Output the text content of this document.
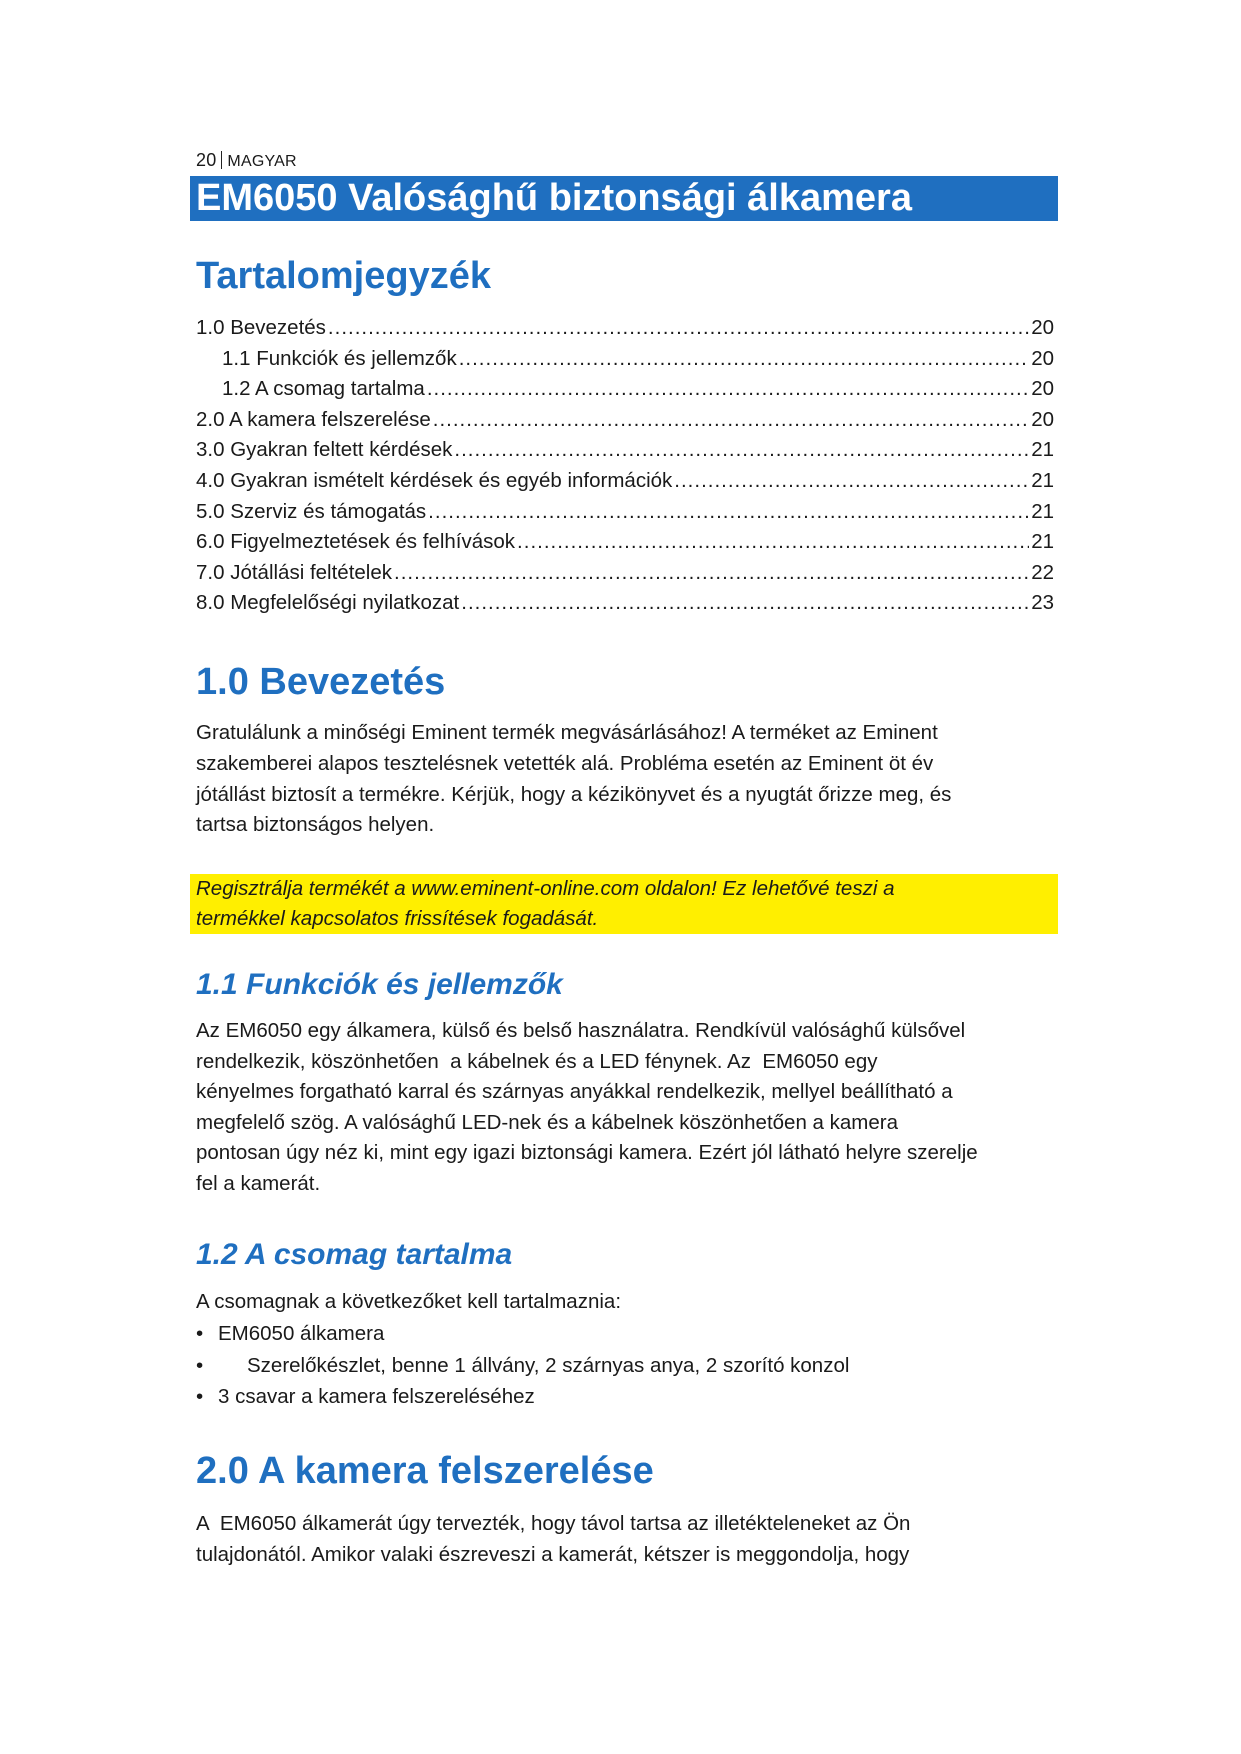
20 MAGYAR
EM6050 Valósághű biztonsági álkamera
Tartalomjegyzék
1.0 Bevezetés .....	20
1.1 Funkciók és jellemzők .....	20
1.2 A csomag tartalma .....	20
2.0 A kamera felszerelése .....	20
3.0 Gyakran feltett kérdések .....	21
4.0 Gyakran ismételt kérdések és egyéb információk .....	21
5.0 Szerviz és támogatás .....	21
6.0 Figyelmeztetések és felhívások .....	21
7.0 Jótállási feltételek .....	22
8.0 Megfelelőségi nyilatkozat .....	23
1.0 Bevezetés

Gratulálunk a minőségi Eminent termék megvásárlásához! A terméket az Eminent
szakemberei alapos tesztelésnek vetették alá. Probléma esetén az Eminent öt év
jótállást biztosít a termékre. Kérjük, hogy a kézikönyvet és a nyugtát őrizze meg, és
tartsa biztonságos helyen.

Regisztrálja termékét a www.eminent-online.com oldalon! Ez lehetővé teszi a
termékkel kapcsolatos frissítések fogadását.
1.1 Funkciók és jellemzők

Az EM6050 egy álkamera, külső és belső használatra. Rendkívül valósághű külsővel
rendelkezik, köszönhetően  a kábelnek és a LED fénynek. Az  EM6050 egy
kényelmes forgatható karral és szárnyas anyákkal rendelkezik, mellyel beállítható a
megfelelő szög. A valósághű LED-nek és a kábelnek köszönhetően a kamera
pontosan úgy néz ki, mint egy igazi biztonsági kamera. Ezért jól látható helyre szerelje
fel a kamerát.

1.2 A csomag tartalma

A csomagnak a következőket kell tartalmaznia:

• EM6050 álkamera
• Szerelőkészlet, benne 1 állvány, 2 szárnyas anya, 2 szorító konzol
• 3 csavar a kamera felszereléséhez
2.0 A kamera felszerelése

A  EM6050 álkamerát úgy tervezték, hogy távol tartsa az illetékteleneket az Ön
tulajdonától. Amikor valaki észreveszi a kamerát, kétszer is meggondolja, hogy
